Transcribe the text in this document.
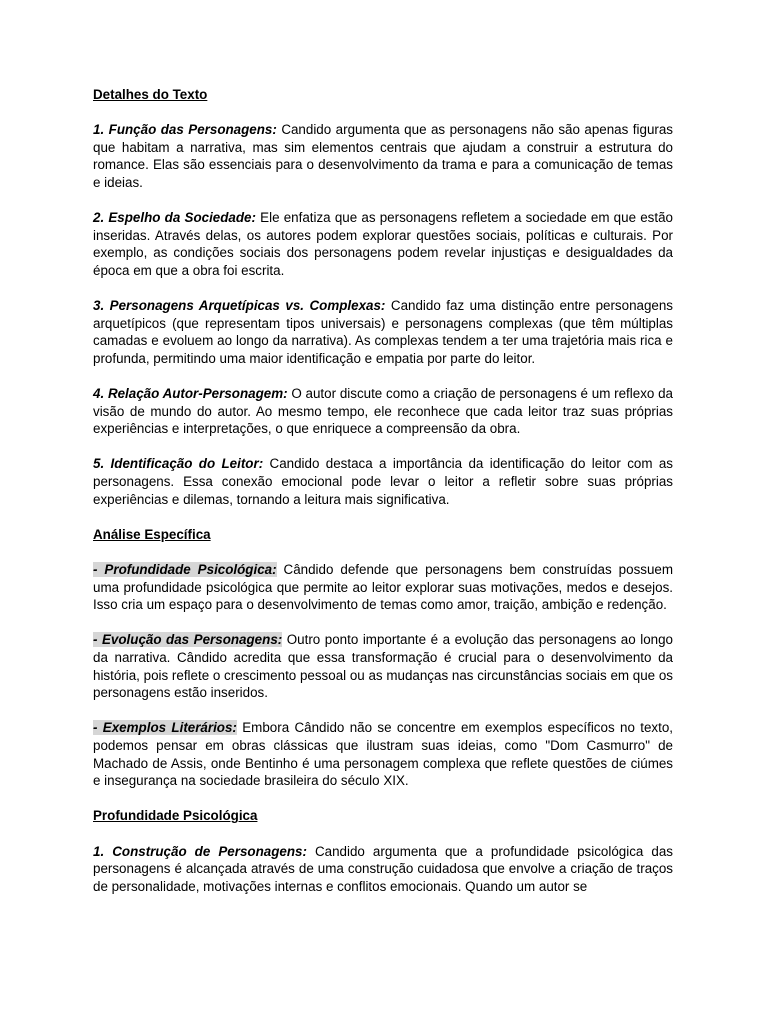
Detalhes do Texto

1. Função das Personagens: Candido argumenta que as personagens não são apenas figuras que habitam a narrativa, mas sim elementos centrais que ajudam a construir a estrutura do romance. Elas são essenciais para o desenvolvimento da trama e para a comunicação de temas e ideias.

2. Espelho da Sociedade: Ele enfatiza que as personagens refletem a sociedade em que estão inseridas. Através delas, os autores podem explorar questões sociais, políticas e culturais. Por exemplo, as condições sociais dos personagens podem revelar injustiças e desigualdades da época em que a obra foi escrita.

3. Personagens Arquetípicas vs. Complexas: Candido faz uma distinção entre personagens arquetípicos (que representam tipos universais) e personagens complexas (que têm múltiplas camadas e evoluem ao longo da narrativa). As complexas tendem a ter uma trajetória mais rica e profunda, permitindo uma maior identificação e empatia por parte do leitor.

4. Relação Autor-Personagem: O autor discute como a criação de personagens é um reflexo da visão de mundo do autor. Ao mesmo tempo, ele reconhece que cada leitor traz suas próprias experiências e interpretações, o que enriquece a compreensão da obra.

5. Identificação do Leitor: Candido destaca a importância da identificação do leitor com as personagens. Essa conexão emocional pode levar o leitor a refletir sobre suas próprias experiências e dilemas, tornando a leitura mais significativa.

Análise Específica

- Profundidade Psicológica: Cândido defende que personagens bem construídas possuem uma profundidade psicológica que permite ao leitor explorar suas motivações, medos e desejos. Isso cria um espaço para o desenvolvimento de temas como amor, traição, ambição e redenção.

- Evolução das Personagens: Outro ponto importante é a evolução das personagens ao longo da narrativa. Cândido acredita que essa transformação é crucial para o desenvolvimento da história, pois reflete o crescimento pessoal ou as mudanças nas circunstâncias sociais em que os personagens estão inseridos.

- Exemplos Literários: Embora Cândido não se concentre em exemplos específicos no texto, podemos pensar em obras clássicas que ilustram suas ideias, como "Dom Casmurro" de Machado de Assis, onde Bentinho é uma personagem complexa que reflete questões de ciúmes e insegurança na sociedade brasileira do século XIX.

Profundidade Psicológica

1. Construção de Personagens: Candido argumenta que a profundidade psicológica das personagens é alcançada através de uma construção cuidadosa que envolve a criação de traços de personalidade, motivações internas e conflitos emocionais. Quando um autor se
